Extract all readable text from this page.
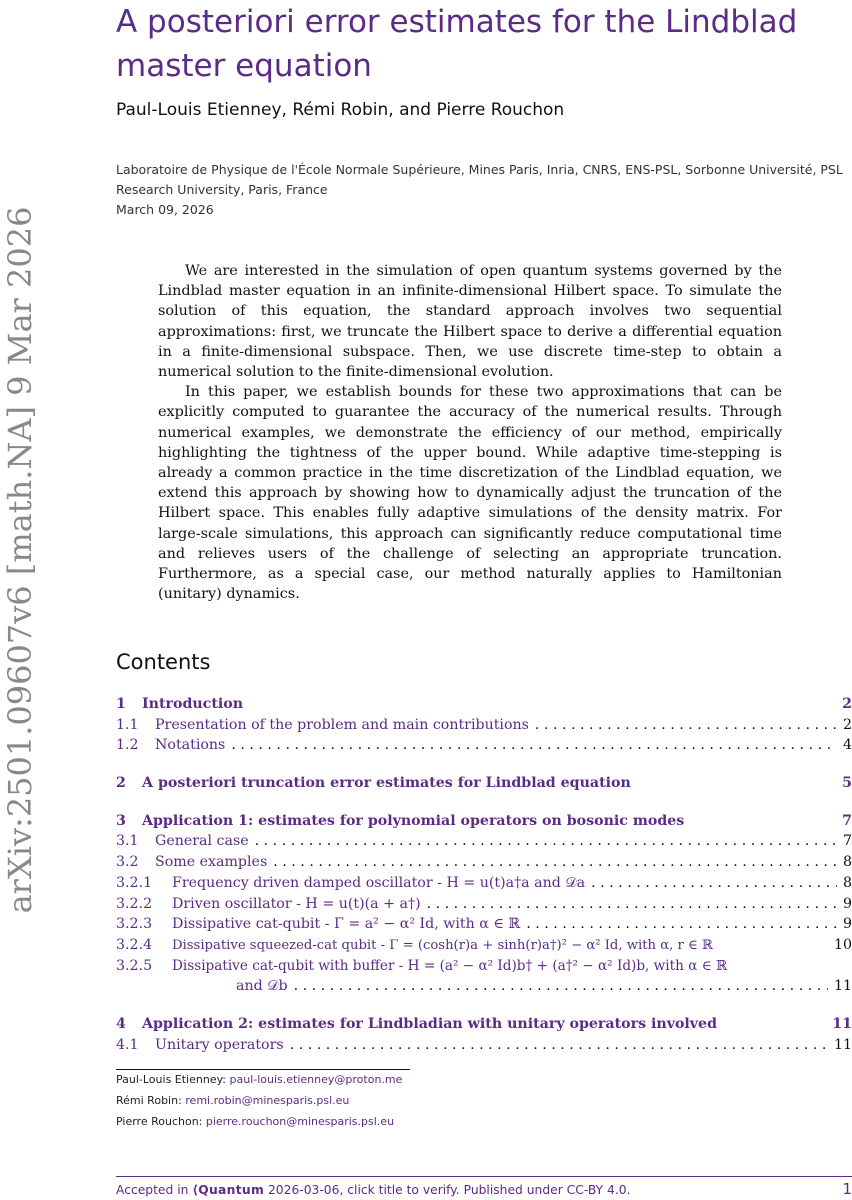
arXiv:2501.09607v6 [math.NA] 9 Mar 2026
A posteriori error estimates for the Lindblad master equation
Paul-Louis Etienney, Rémi Robin, and Pierre Rouchon
Laboratoire de Physique de l'École Normale Supérieure, Mines Paris, Inria, CNRS, ENS-PSL, Sorbonne Université, PSL Research University, Paris, France
March 09, 2026

We are interested in the simulation of open quantum systems governed by the Lindblad master equation in an infinite-dimensional Hilbert space. To simulate the solution of this equation, the standard approach involves two sequential approximations: first, we truncate the Hilbert space to derive a differential equation in a finite-dimensional subspace. Then, we use discrete time-step to obtain a numerical solution to the finite-dimensional evolution.

In this paper, we establish bounds for these two approximations that can be explicitly computed to guarantee the accuracy of the numerical results. Through numerical examples, we demonstrate the efficiency of our method, empirically highlighting the tightness of the upper bound. While adaptive time-stepping is already a common practice in the time discretization of the Lindblad equation, we extend this approach by showing how to dynamically adjust the truncation of the Hilbert space. This enables fully adaptive simulations of the density matrix. For large-scale simulations, this approach can significantly reduce computational time and relieves users of the challenge of selecting an appropriate truncation. Furthermore, as a special case, our method naturally applies to Hamiltonian (unitary) dynamics.

Contents
1	Introduction	2
1.1	Presentation of the problem and main contributions . . .	2
1.2	Notations . . .	4
2	A posteriori truncation error estimates for Lindblad equation	5
3	Application 1: estimates for polynomial operators on bosonic modes	7
3.1	General case . . .	7
3.2	Some examples . . .	8
3.2.1	Frequency driven damped oscillator - H = u(t)a†a and 𝒟a . . .	8
3.2.2	Driven oscillator - H = u(t)(a + a†) . . .	9
3.2.3	Dissipative cat-qubit - Γ = a² − α² Id, with α ∈ ℝ . . .	9
3.2.4	Dissipative squeezed-cat qubit - Γ = (cosh(r)a + sinh(r)a†)² − α² Id, with α, r ∈ ℝ	10
3.2.5	Dissipative cat-qubit with buffer - H = (a² − α² Id)b† + (a†² − α² Id)b, with α ∈ ℝ
and 𝒟b . . .	11
4	Application 2: estimates for Lindbladian with unitary operators involved	11
4.1	Unitary operators . . .	11
Paul-Louis Etienney: paul-louis.etienney@proton.me
Rémi Robin: remi.robin@minesparis.psl.eu
Pierre Rouchon: pierre.rouchon@minesparis.psl.eu
Accepted in ⟨Quantum 2026-03-06, click title to verify. Published under CC-BY 4.0.	1
